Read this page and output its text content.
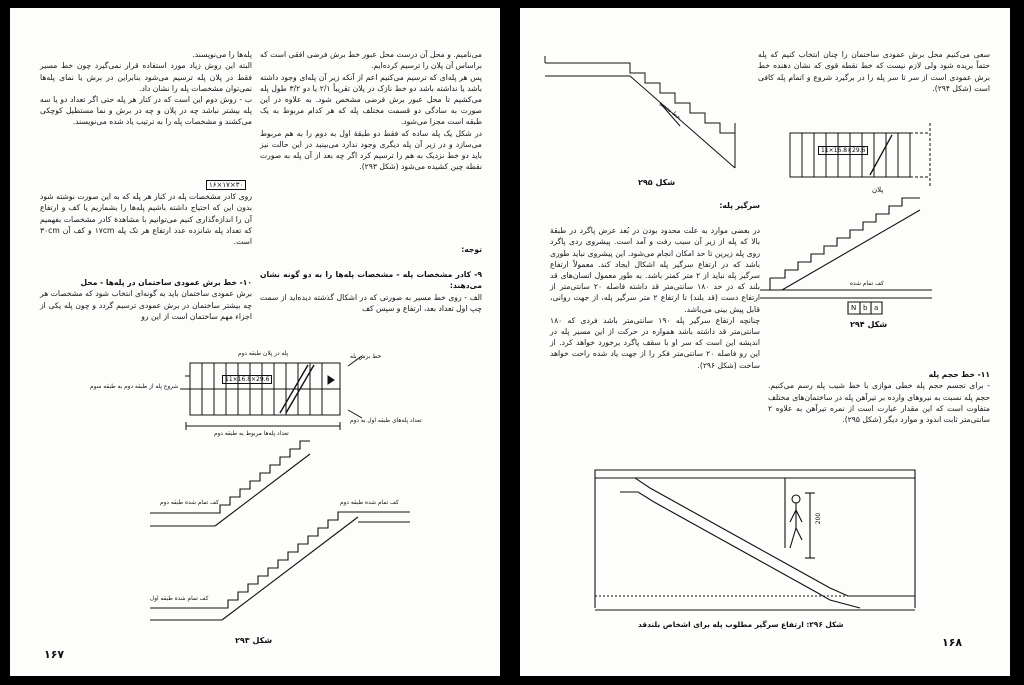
می‌نامیم. و محل آن درست محل عبور خط برش فرضی افقی است که براساس آن پلان را ترسیم کرده‌ایم.
پس هر پله‌ای که ترسیم می‌کنیم اعم از آنکه زیر آن پله‌ای وجود داشته باشد یا نداشته باشد دو خط نازک در پلان تقریباً ۲/۱ یا دو ۳/۲ طول پله می‌کشیم تا محل عبور برش فرضی مشخص شود. به علاوه در این صورت به سادگی دو قسمت مختلف پله که هر کدام مربوط به یک طبقه است مجزا می‌شود.
در شکل یک پله ساده که فقط دو طبقهٔ اول به دوم را به هم مربوط می‌سازد و در زیر آن پله دیگری وجود ندارد می‌بینید در این حالت نیز باید دو خط نزدیک به هم را ترسیم کرد اگر چه بعد از آن پله به صورت نقطه چین کشیده می‌شود (شکل ۲۹۳).

توجه:

۹- کادر مشخصات پله - مشخصات پله‌ها را به دو گونه نشان می‌دهند:
الف - روی خط مسیر به صورتی که در اشکال گذشته دیده‌اید از سمت چپ اول تعداد بعد، ارتفاع و سپس کف

پله‌ها را می‌نویسند.
البته این روش زیاد مورد استفاده قرار نمی‌گیرد چون خط مسیر فقط در پلان پله ترسیم می‌شود بنابراین در برش یا نمای پله‌ها نمی‌توان مشخصات پله را نشان داد.
ب - روش دوم این است که در کنار هر پله حتی اگر تعداد دو یا سه پله بیشتر نباشد چه در پلان و چه در برش و نما مستطیل کوچکی می‌کشند و مشخصات پله را به ترتیب یاد شده می‌نویسند.

۱۶×۱۷×۳۰

روی کادر مشخصات پله در کنار هر پله که به این صورت نوشته شود بدون این که احتیاج داشته باشیم پله‌ها را بشماریم یا کف و ارتفاع آن را اندازه‌گذاری کنیم می‌توانیم با مشاهدهٔ کادر مشخصات بفهمیم که تعداد پله شانزده عدد ارتفاع هر تک پله ۱۷cm و کف آن ۳۰cm است.

۱۰- خط برش عمودی ساختمان در پله‌ها - محل
برش عمودی ساختمان باید به گونه‌ای انتخاب شود که مشخصات هر چه بیشتر ساختمان در برش عمودی ترسیم گردد و چون پله یکی از اجزاء مهم ساختمان است از این رو

پله در پلان طبقه دوم
11×16.8×29.6
خط برش پله
شروع پله از طبقه دوم به طبقه سوم
تعداد پله‌های طبقه اول به دوم
تعداد پله‌ها مربوط به طبقه دوم
کف تمام شده طبقه دوم	کف تمام شده طبقه دوم
کف تمام شده طبقه اول
شکل ۲۹۳
۱۶۷

سعی می‌کنیم محل برش عمودی ساختمان را چنان انتخاب کنیم که پله حتماً بریده شود ولی لازم نیست که خط نقطه قوی که نشان دهنده خط برش عمودی است از سر تا سر پله را در برگیرد شروع و اتمام پله کافی است (شکل ۲۹۴).

خط مسیر
شکل ۲۹۵
11×16.8×29.6
پلان
کف تمام شده
N b a
شکل ۲۹۴
سرگیر پله:

در بعضی موارد به علت محدود بودن در بُعد عرض پاگرد در طبقهٔ بالا که پله از زیر آن سبب رفت و آمد است. پیشروی ردی پاگرد روی پله زیرین تا حد امکان انجام می‌شود. این پیشروی نباید طوری باشد که در ارتفاع سرگیر پله اشکال ایجاد کند. معمولاً ارتفاع سرگیر پله نباید از ۲ متر کمتر باشد. به طور معمول انسان‌های قد بلند که در حد ۱۸۰ سانتی‌متر قد داشته فاصله ۲۰ سانتی‌متر از ارتفاع دست (قد بلند) تا ارتفاع ۲ متر سرگیر پله، از جهت روانی، قابل پیش بینی می‌باشد.
چنانچه ارتفاع سرگیر پله ۱۹۰ سانتی‌متر باشد فردی که ۱۸۰ سانتی‌متر قد داشته باشد همواره در حرکت از این مسیر پله در اندیشه این است که سر او با سقف پاگرد برخورد خواهد کرد. از این رو فاصله ۲۰ سانتی‌متر فکر را از جهت یاد شده راحت خواهد ساخت (شکل ۲۹۶).

۱۱- خط حجم پله
- برای تجسم حجم پله خطی موازی با خط شیب پله رسم می‌کنیم. حجم پله نسبت به نیروهای وارده بر تیرآهن پله در ساختمان‌های مختلف متفاوت است که این مقدار عبارت است از نمره تیرآهن به علاوه ۲ سانتی‌متر ثابت اندود و موارد دیگر (شکل ۲۹۵).

200
شکل ۲۹۶: ارتفاع سرگیر مطلوب پله برای اشخاص بلندقد
۱۶۸
